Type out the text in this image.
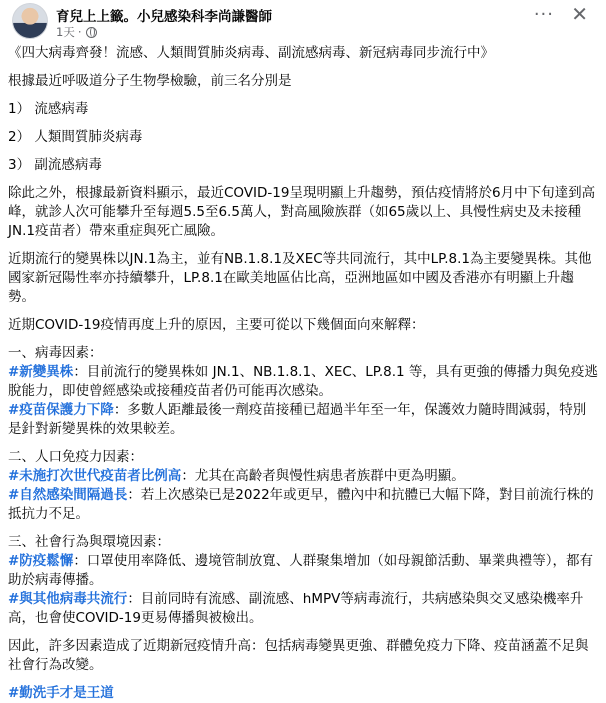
育兒上上籤。小兒感染科李尚謙醫師
1天 ·
··· ✕
《四大病毒齊發！流感、人類間質肺炎病毒、副流感病毒、新冠病毒同步流行中》
根據最近呼吸道分子生物學檢驗，前三名分別是
1） 流感病毒
2） 人類間質肺炎病毒
3） 副流感病毒
除此之外，根據最新資料顯示，最近COVID-19呈現明顯上升趨勢，預估疫情將於6月中下旬達到高峰，就診人次可能攀升至每週5.5至6.5萬人，對高風險族群（如65歲以上、具慢性病史及未接種JN.1疫苗者）帶來重症與死亡風險。
近期流行的變異株以JN.1為主，並有NB.1.8.1及XEC等共同流行，其中LP.8.1為主要變異株。其他國家新冠陽性率亦持續攀升，LP.8.1在歐美地區佔比高，亞洲地區如中國及香港亦有明顯上升趨勢。
近期COVID-19疫情再度上升的原因，主要可從以下幾個面向來解釋：
一、病毒因素：
#新變異株：目前流行的變異株如 JN.1、NB.1.8.1、XEC、LP.8.1 等，具有更強的傳播力與免疫逃脫能力，即使曾經感染或接種疫苗者仍可能再次感染。
#疫苗保護力下降：多數人距離最後一劑疫苗接種已超過半年至一年，保護效力隨時間減弱，特別是針對新變異株的效果較差。
二、人口免疫力因素：
#未施打次世代疫苗者比例高：尤其在高齡者與慢性病患者族群中更為明顯。
#自然感染間隔過長：若上次感染已是2022年或更早，體內中和抗體已大幅下降，對目前流行株的抵抗力不足。
三、社會行為與環境因素：
#防疫鬆懈：口罩使用率降低、邊境管制放寬、人群聚集增加（如母親節活動、畢業典禮等），都有助於病毒傳播。
#與其他病毒共流行：目前同時有流感、副流感、hMPV等病毒流行，共病感染與交叉感染機率升高，也會使COVID-19更易傳播與被檢出。
因此，許多因素造成了近期新冠疫情升高：包括病毒變異更強、群體免疫力下降、疫苗涵蓋不足與社會行為改變。
#勤洗手才是王道
